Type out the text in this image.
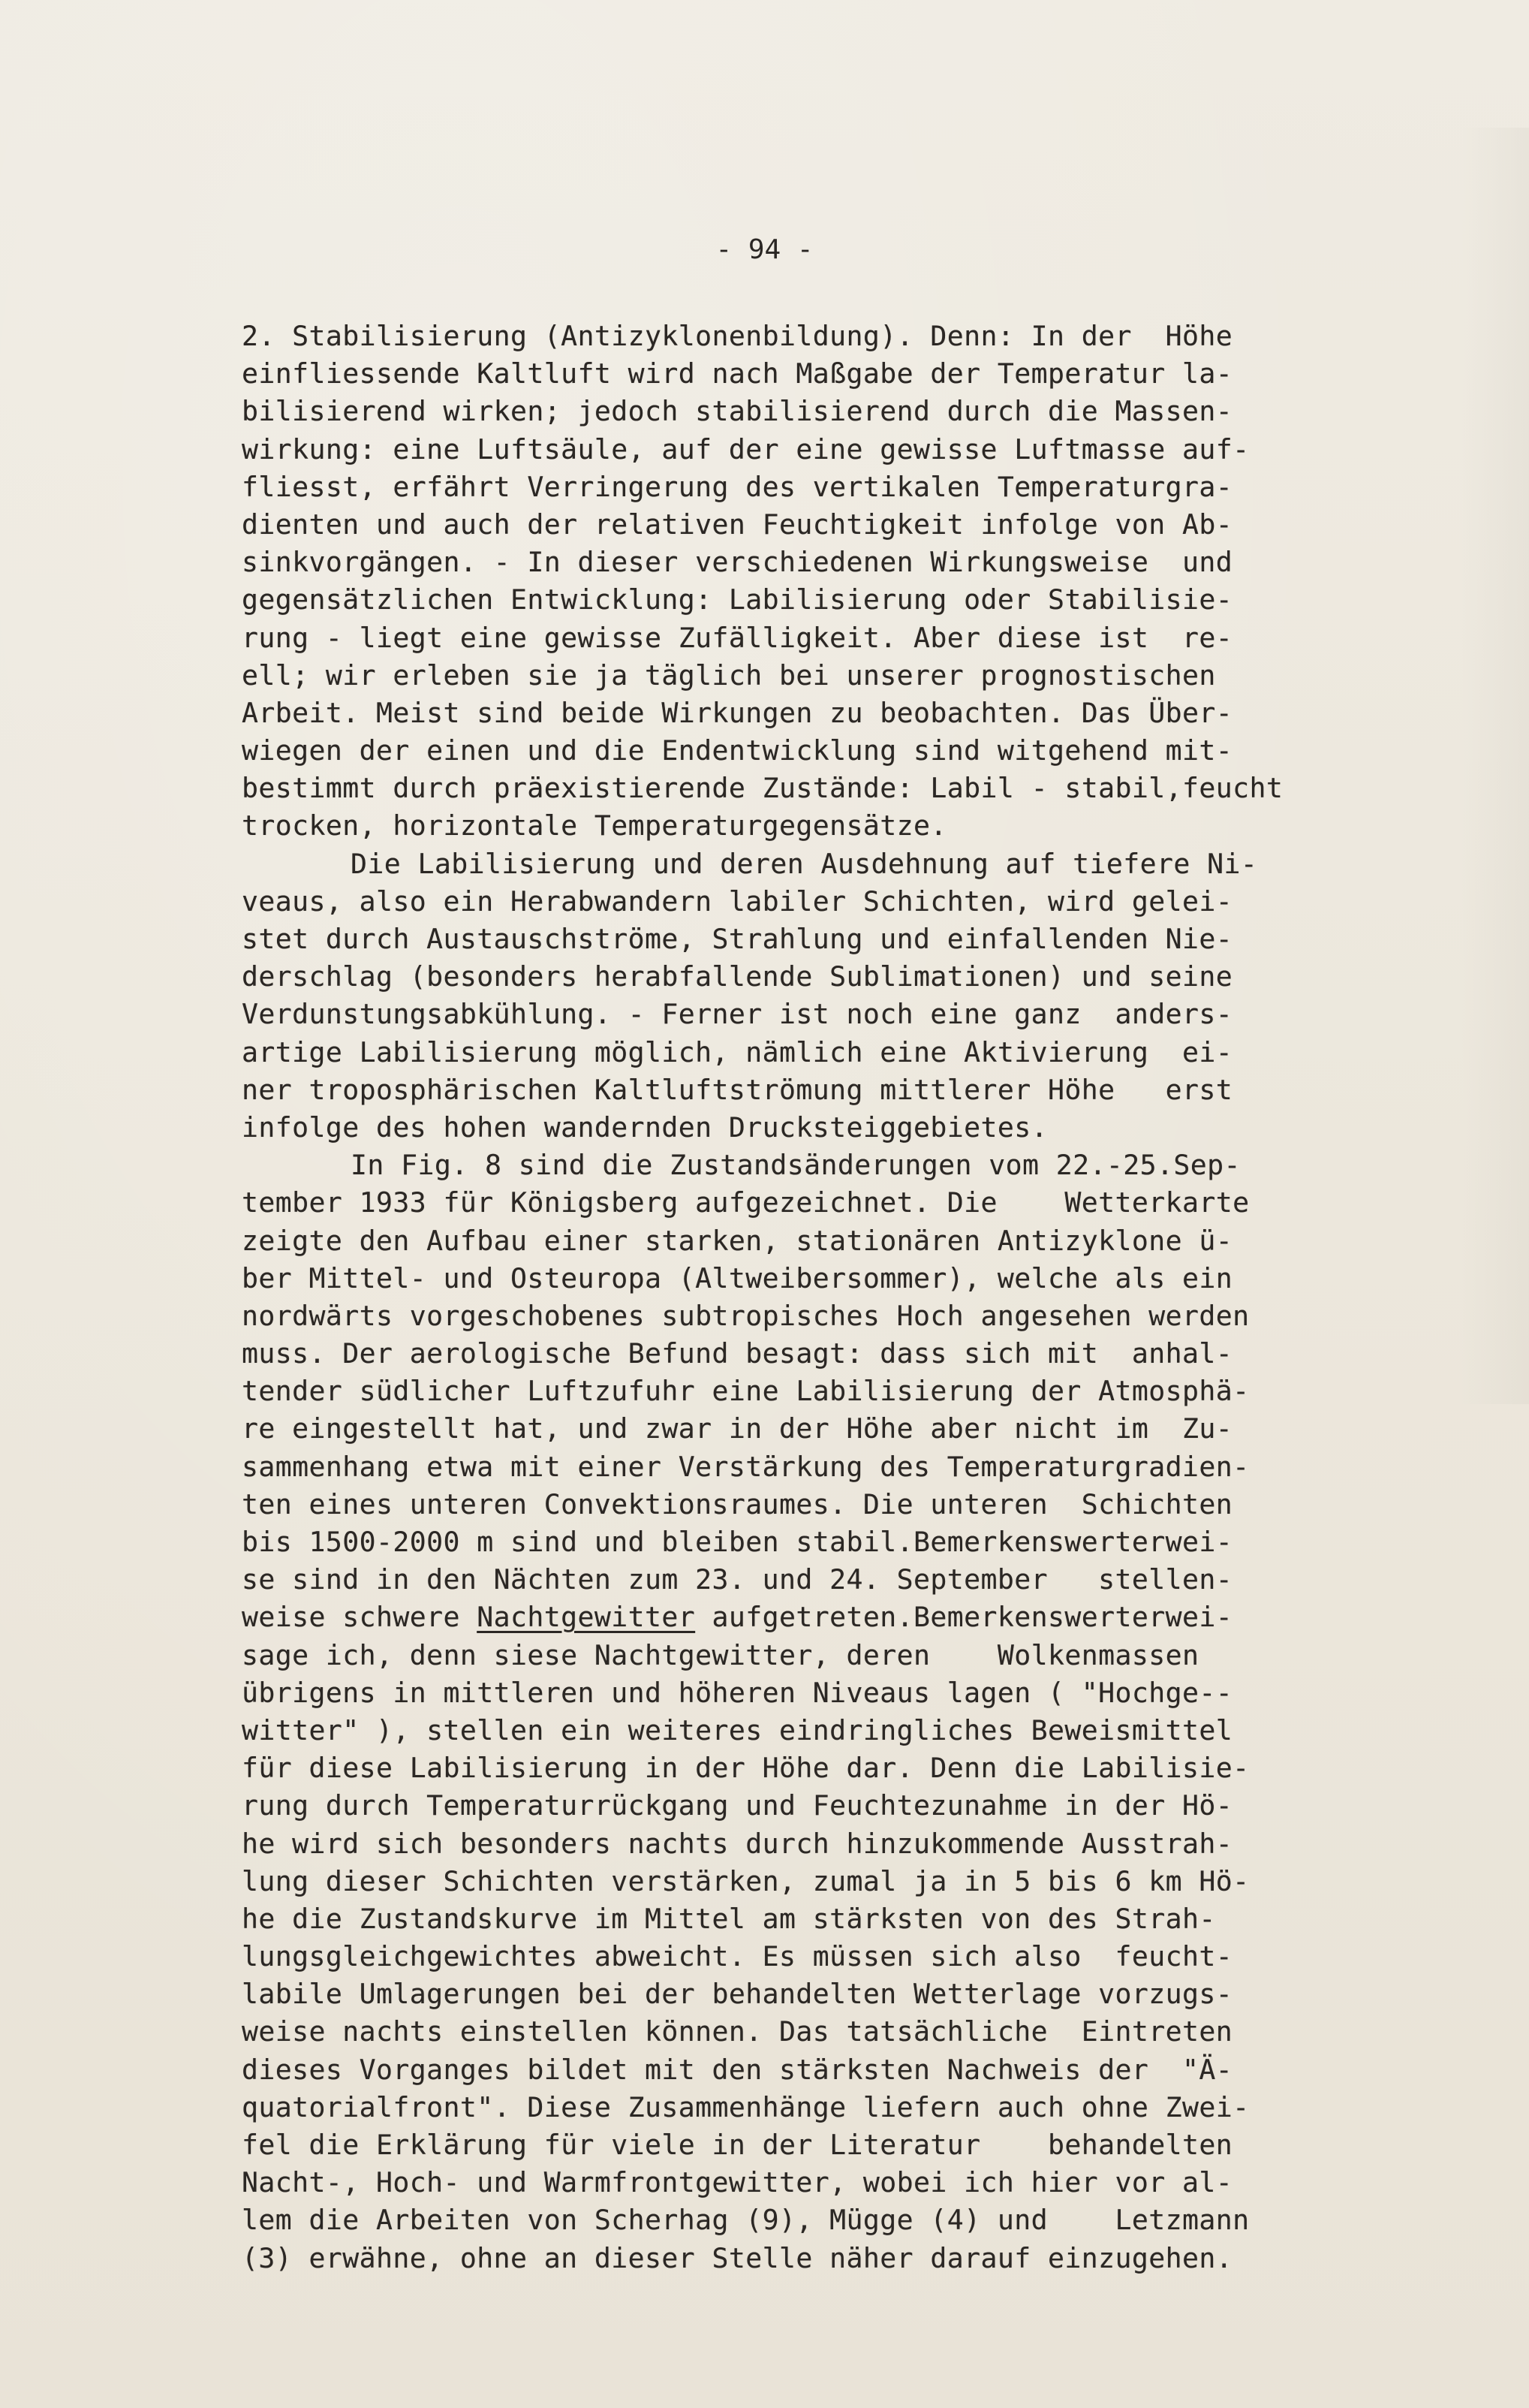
- 94 -
2. Stabilisierung (Antizyklonenbildung). Denn: In der  Höhe
einfliessende Kaltluft wird nach Maßgabe der Temperatur la-
bilisierend wirken; jedoch stabilisierend durch die Massen-
wirkung: eine Luftsäule, auf der eine gewisse Luftmasse auf-
fliesst, erfährt Verringerung des vertikalen Temperaturgra-
dienten und auch der relativen Feuchtigkeit infolge von Ab-
sinkvorgängen. - In dieser verschiedenen Wirkungsweise  und
gegensätzlichen Entwicklung: Labilisierung oder Stabilisie-
rung - liegt eine gewisse Zufälligkeit. Aber diese ist  re-
ell; wir erleben sie ja täglich bei unserer prognostischen
Arbeit. Meist sind beide Wirkungen zu beobachten. Das Über-
wiegen der einen und die Endentwicklung sind witgehend mit-
bestimmt durch präexistierende Zustände: Labil - stabil,feucht
trocken, horizontale Temperaturgegensätze.
Die Labilisierung und deren Ausdehnung auf tiefere Ni-
veaus, also ein Herabwandern labiler Schichten, wird gelei-
stet durch Austauschströme, Strahlung und einfallenden Nie-
derschlag (besonders herabfallende Sublimationen) und seine
Verdunstungsabkühlung. - Ferner ist noch eine ganz  anders-
artige Labilisierung möglich, nämlich eine Aktivierung  ei-
ner troposphärischen Kaltluftströmung mittlerer Höhe   erst
infolge des hohen wandernden Drucksteiggebietes.
In Fig. 8 sind die Zustandsänderungen vom 22.-25.Sep-
tember 1933 für Königsberg aufgezeichnet. Die    Wetterkarte
zeigte den Aufbau einer starken, stationären Antizyklone ü-
ber Mittel- und Osteuropa (Altweibersommer), welche als ein
nordwärts vorgeschobenes subtropisches Hoch angesehen werden
muss. Der aerologische Befund besagt: dass sich mit  anhal-
tender südlicher Luftzufuhr eine Labilisierung der Atmosphä-
re eingestellt hat, und zwar in der Höhe aber nicht im  Zu-
sammenhang etwa mit einer Verstärkung des Temperaturgradien-
ten eines unteren Convektionsraumes. Die unteren  Schichten
bis 1500-2000 m sind und bleiben stabil.Bemerkenswerterwei-
se sind in den Nächten zum 23. und 24. September   stellen-
weise schwere Nachtgewitter aufgetreten.Bemerkenswerterwei-
sage ich, denn siese Nachtgewitter, deren    Wolkenmassen
übrigens in mittleren und höheren Niveaus lagen ( "Hochge--
witter" ), stellen ein weiteres eindringliches Beweismittel
für diese Labilisierung in der Höhe dar. Denn die Labilisie-
rung durch Temperaturrückgang und Feuchtezunahme in der Hö-
he wird sich besonders nachts durch hinzukommende Ausstrah-
lung dieser Schichten verstärken, zumal ja in 5 bis 6 km Hö-
he die Zustandskurve im Mittel am stärksten von des Strah-
lungsgleichgewichtes abweicht. Es müssen sich also  feucht-
labile Umlagerungen bei der behandelten Wetterlage vorzugs-
weise nachts einstellen können. Das tatsächliche  Eintreten
dieses Vorganges bildet mit den stärksten Nachweis der  "Ä-
quatorialfront". Diese Zusammenhänge liefern auch ohne Zwei-
fel die Erklärung für viele in der Literatur    behandelten
Nacht-, Hoch- und Warmfrontgewitter, wobei ich hier vor al-
lem die Arbeiten von Scherhag (9), Mügge (4) und    Letzmann
(3) erwähne, ohne an dieser Stelle näher darauf einzugehen.
